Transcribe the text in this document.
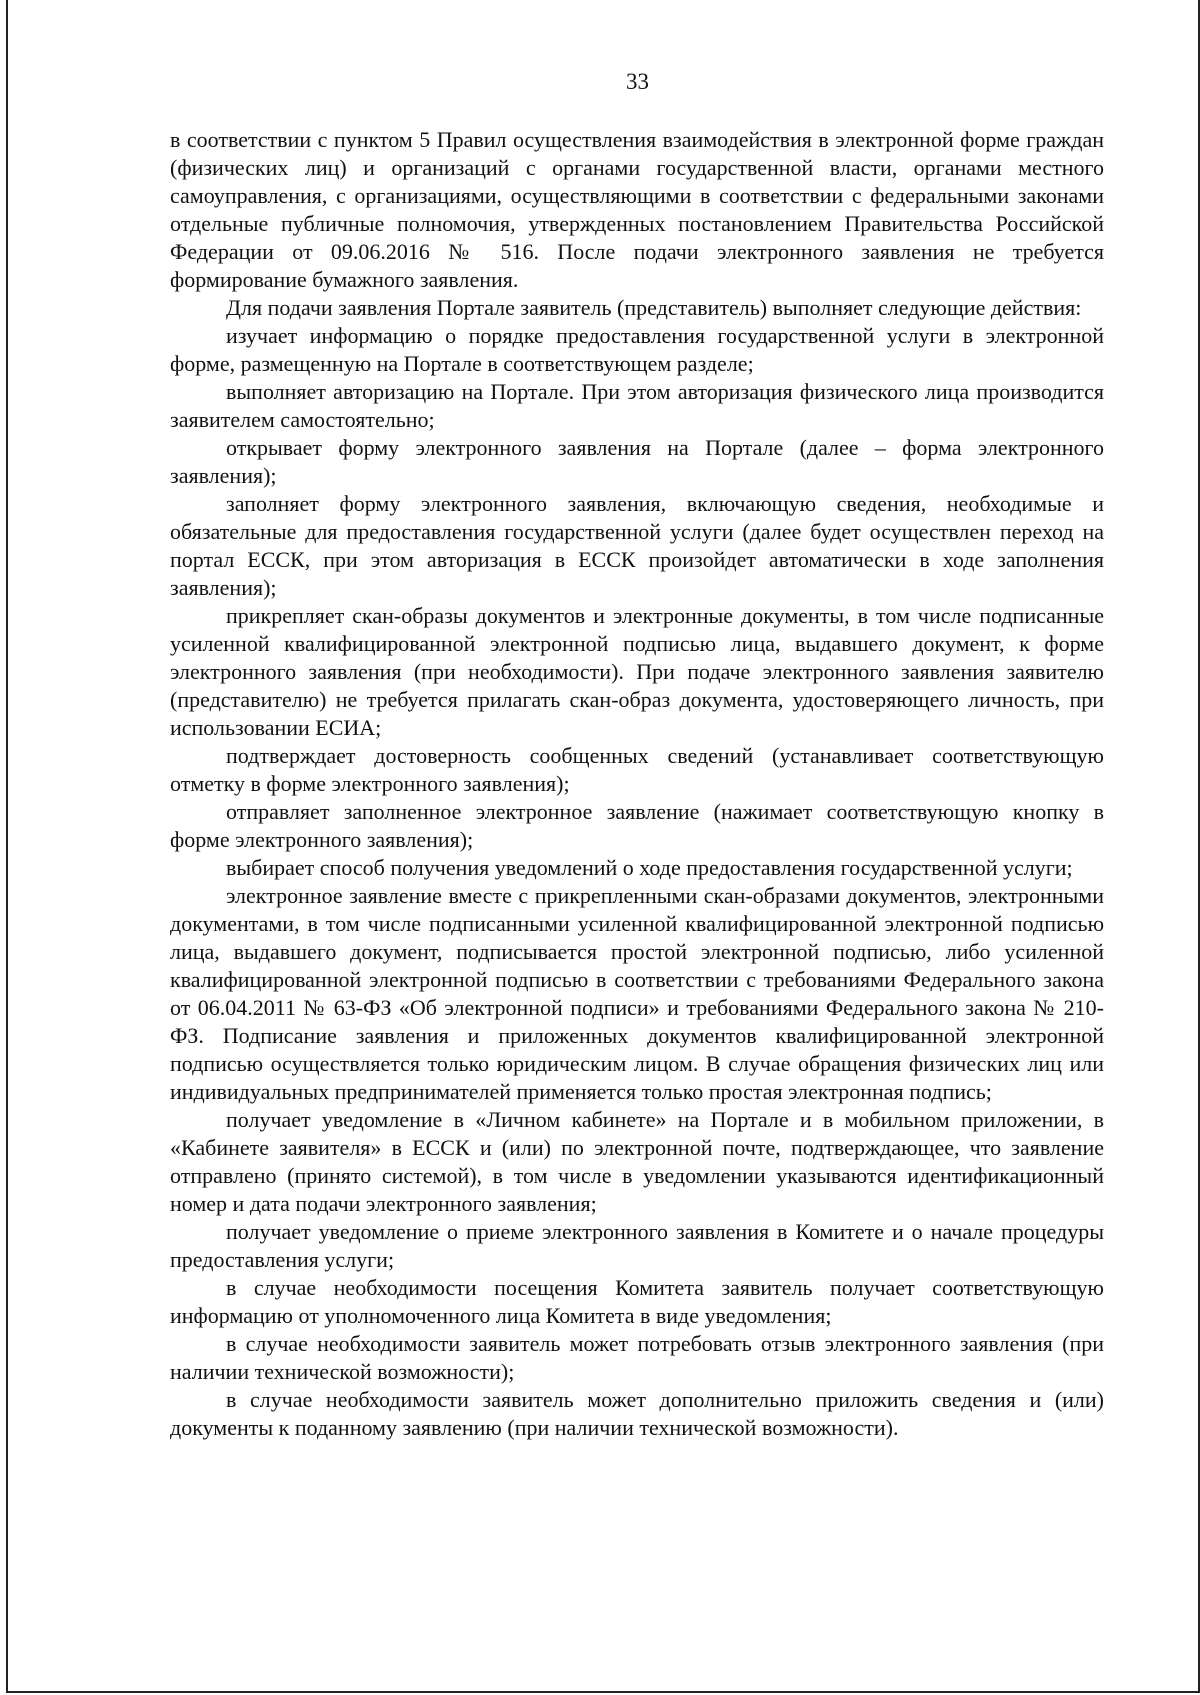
33

в соответствии с пунктом 5 Правил осуществления взаимодействия в электронной форме граждан (физических лиц) и организаций с органами государственной власти, органами местного самоуправления, с организациями, осуществляющими в соответствии с федеральными законами отдельные публичные полномочия, утвержденных постановлением Правительства Российской Федерации от 09.06.2016 № 516. После подачи электронного заявления не требуется формирование бумажного заявления.

Для подачи заявления Портале заявитель (представитель) выполняет следующие действия:

изучает информацию о порядке предоставления государственной услуги в электронной форме, размещенную на Портале в соответствующем разделе;

выполняет авторизацию на Портале. При этом авторизация физического лица производится заявителем самостоятельно;

открывает форму электронного заявления на Портале (далее – форма электронного заявления);

заполняет форму электронного заявления, включающую сведения, необходимые и обязательные для предоставления государственной услуги (далее будет осуществлен переход на портал ЕССК, при этом авторизация в ЕССК произойдет автоматически в ходе заполнения заявления);

прикрепляет скан-образы документов и электронные документы, в том числе подписанные усиленной квалифицированной электронной подписью лица, выдавшего документ, к форме электронного заявления (при необходимости). При подаче электронного заявления заявителю (представителю) не требуется прилагать скан-образ документа, удостоверяющего личность, при использовании ЕСИА;

подтверждает достоверность сообщенных сведений (устанавливает соответствующую отметку в форме электронного заявления);

отправляет заполненное электронное заявление (нажимает соответствующую кнопку в форме электронного заявления);

выбирает способ получения уведомлений о ходе предоставления государственной услуги;

электронное заявление вместе с прикрепленными скан-образами документов, электронными документами, в том числе подписанными усиленной квалифицированной электронной подписью лица, выдавшего документ, подписывается простой электронной подписью, либо усиленной квалифицированной электронной подписью в соответствии с требованиями Федерального закона от 06.04.2011 № 63-ФЗ «Об электронной подписи» и требованиями Федерального закона № 210-ФЗ. Подписание заявления и приложенных документов квалифицированной электронной подписью осуществляется только юридическим лицом. В случае обращения физических лиц или индивидуальных предпринимателей применяется только простая электронная подпись;

получает уведомление в «Личном кабинете» на Портале и в мобильном приложении, в «Кабинете заявителя» в ЕССК и (или) по электронной почте, подтверждающее, что заявление отправлено (принято системой), в том числе в уведомлении указываются идентификационный номер и дата подачи электронного заявления;

получает уведомление о приеме электронного заявления в Комитете и о начале процедуры предоставления услуги;

в случае необходимости посещения Комитета заявитель получает соответствующую информацию от уполномоченного лица Комитета в виде уведомления;

в случае необходимости заявитель может потребовать отзыв электронного заявления (при наличии технической возможности);

в случае необходимости заявитель может дополнительно приложить сведения и (или) документы к поданному заявлению (при наличии технической возможности).
